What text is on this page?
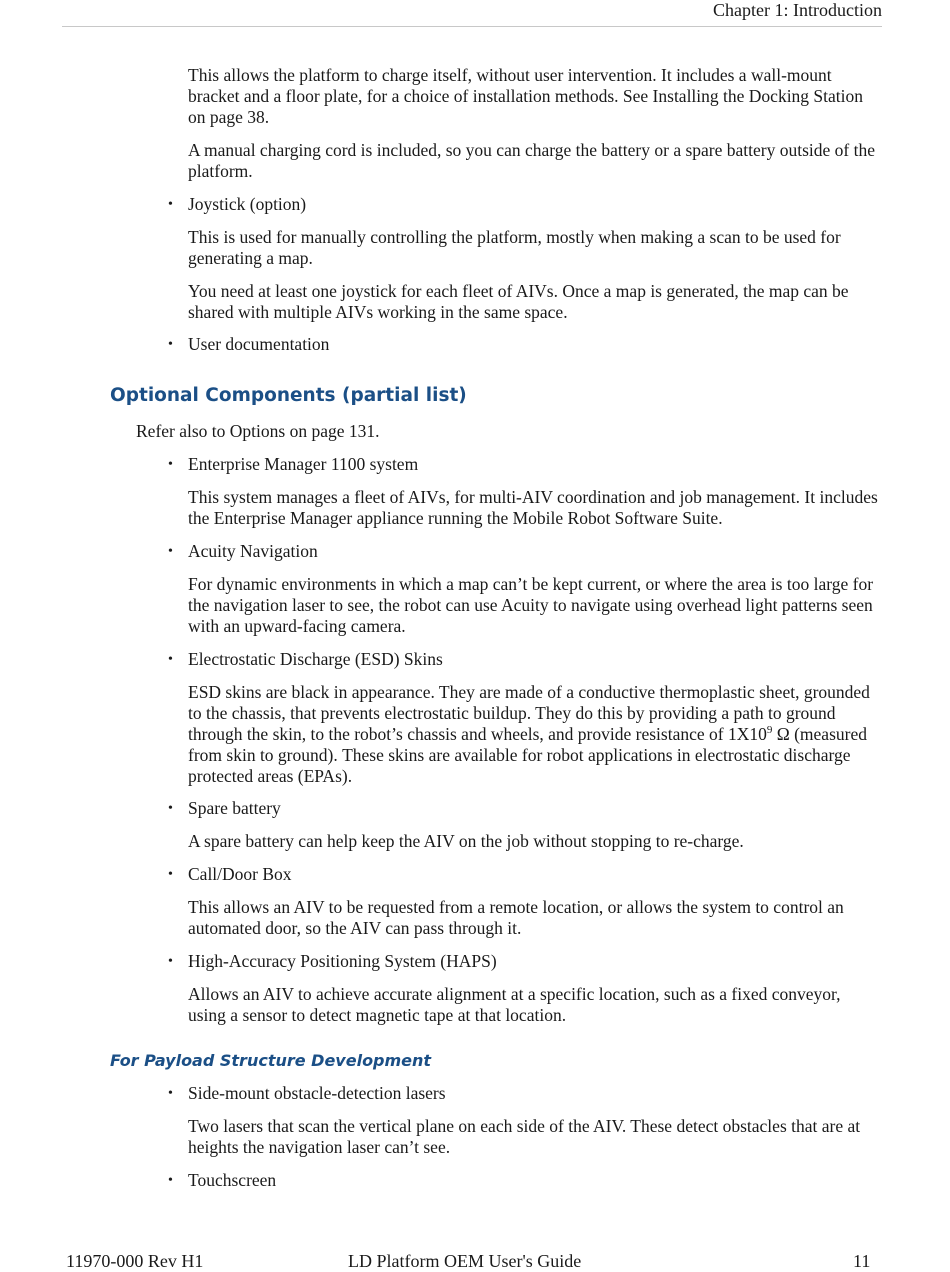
Chapter 1: Introduction

This allows the platform to charge itself, without user intervention. It includes a wall-mount bracket and a floor plate, for a choice of installation methods. See Installing the Docking Station on page 38.

A manual charging cord is included, so you can charge the battery or a spare battery outside of the platform.

• Joystick (option)

This is used for manually controlling the platform, mostly when making a scan to be used for generating a map.

You need at least one joystick for each fleet of AIVs. Once a map is generated, the map can be shared with multiple AIVs working in the same space.

• User documentation
Optional Components (partial list)
Refer also to Options on page 131.
• Enterprise Manager 1100 system

This system manages a fleet of AIVs, for multi-AIV coordination and job management. It includes the Enterprise Manager appliance running the Mobile Robot Software Suite.

• Acuity Navigation

For dynamic environments in which a map can’t be kept current, or where the area is too large for the navigation laser to see, the robot can use Acuity to navigate using overhead light patterns seen with an upward-facing camera.

• Electrostatic Discharge (ESD) Skins

ESD skins are black in appearance. They are made of a conductive thermoplastic sheet, grounded to the chassis, that prevents electrostatic buildup. They do this by providing a path to ground through the skin, to the robot’s chassis and wheels, and provide resistance of $1X10^9$ Ω (measured from skin to ground). These skins are available for robot applications in electrostatic discharge protected areas (EPAs).

• Spare battery

A spare battery can help keep the AIV on the job without stopping to re-charge.

• Call/Door Box

This allows an AIV to be requested from a remote location, or allows the system to control an automated door, so the AIV can pass through it.

• High-Accuracy Positioning System (HAPS)

Allows an AIV to achieve accurate alignment at a specific location, such as a fixed conveyor, using a sensor to detect magnetic tape at that location.

For Payload Structure Development
• Side-mount obstacle-detection lasers

Two lasers that scan the vertical plane on each side of the AIV. These detect obstacles that are at heights the navigation laser can’t see.

• Touchscreen
11970-000 Rev H1	LD Platform OEM User's Guide	11
